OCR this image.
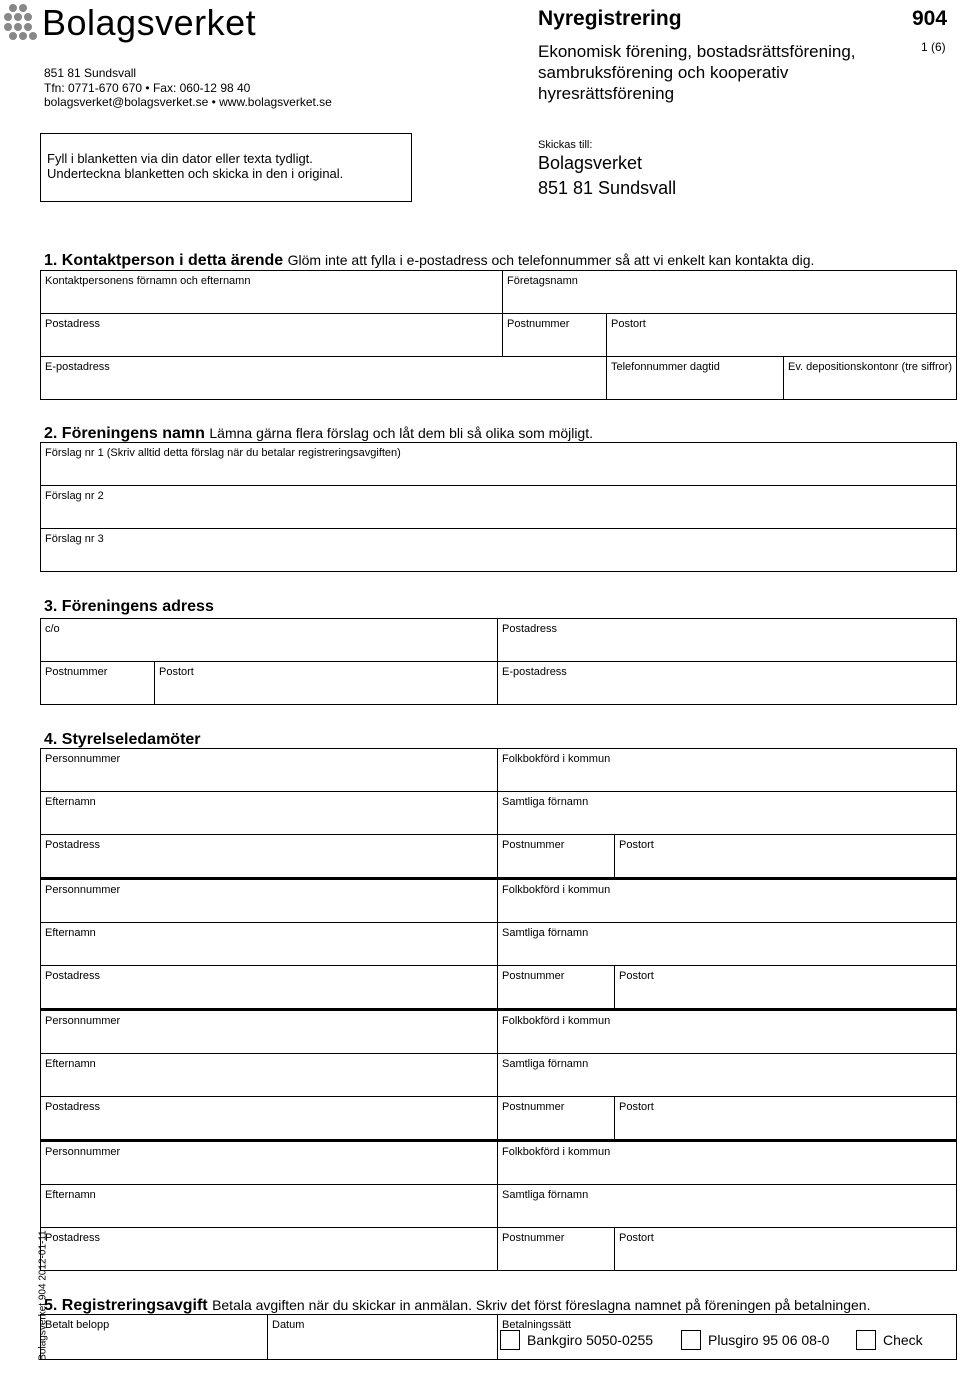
Bolagsverket
851 81 Sundsvall
Tfn: 0771-670 670 • Fax: 060-12 98 40
bolagsverket@bolagsverket.se • www.bolagsverket.se
Nyregistrering	904
1 (6)
Ekonomisk förening, bostadsrättsförening,
sambruksförening och kooperativ
hyresrättsförening
Fyll i blanketten via din dator eller texta tydligt.
Underteckna blanketten och skicka in den i original.
Skickas till:
Bolagsverket
851 81 Sundsvall
1. Kontaktperson i detta ärende Glöm inte att fylla i e-postadress och telefonnummer så att vi enkelt kan kontakta dig.
Kontaktpersonens förnamn och efternamn	Företagsnamn
Postadress	Postnummer	Postort
E-postadress	Telefonnummer dagtid	Ev. depositionskontonr (tre siffror)
2. Föreningens namn Lämna gärna flera förslag och låt dem bli så olika som möjligt.
Förslag nr 1 (Skriv alltid detta förslag när du betalar registreringsavgiften)
Förslag nr 2
Förslag nr 3
3. Föreningens adress
c/o	Postadress
Postnummer	Postort	E-postadress
4. Styrelseledamöter
Personnummer	Folkbokförd i kommun
Efternamn	Samtliga förnamn
Postadress	Postnummer	Postort
Personnummer	Folkbokförd i kommun
Efternamn	Samtliga förnamn
Postadress	Postnummer	Postort
Personnummer	Folkbokförd i kommun
Efternamn	Samtliga förnamn
Postadress	Postnummer	Postort
Personnummer	Folkbokförd i kommun
Efternamn	Samtliga förnamn
Postadress	Postnummer	Postort
5. Registreringsavgift Betala avgiften när du skickar in anmälan. Skriv det först föreslagna namnet på föreningen på betalningen.
Betalt belopp	Datum	Betalningssätt
Bankgiro 5050-0255	Plusgiro 95 06 08-0	Check
Bolagsverket 904 2012-01-11
